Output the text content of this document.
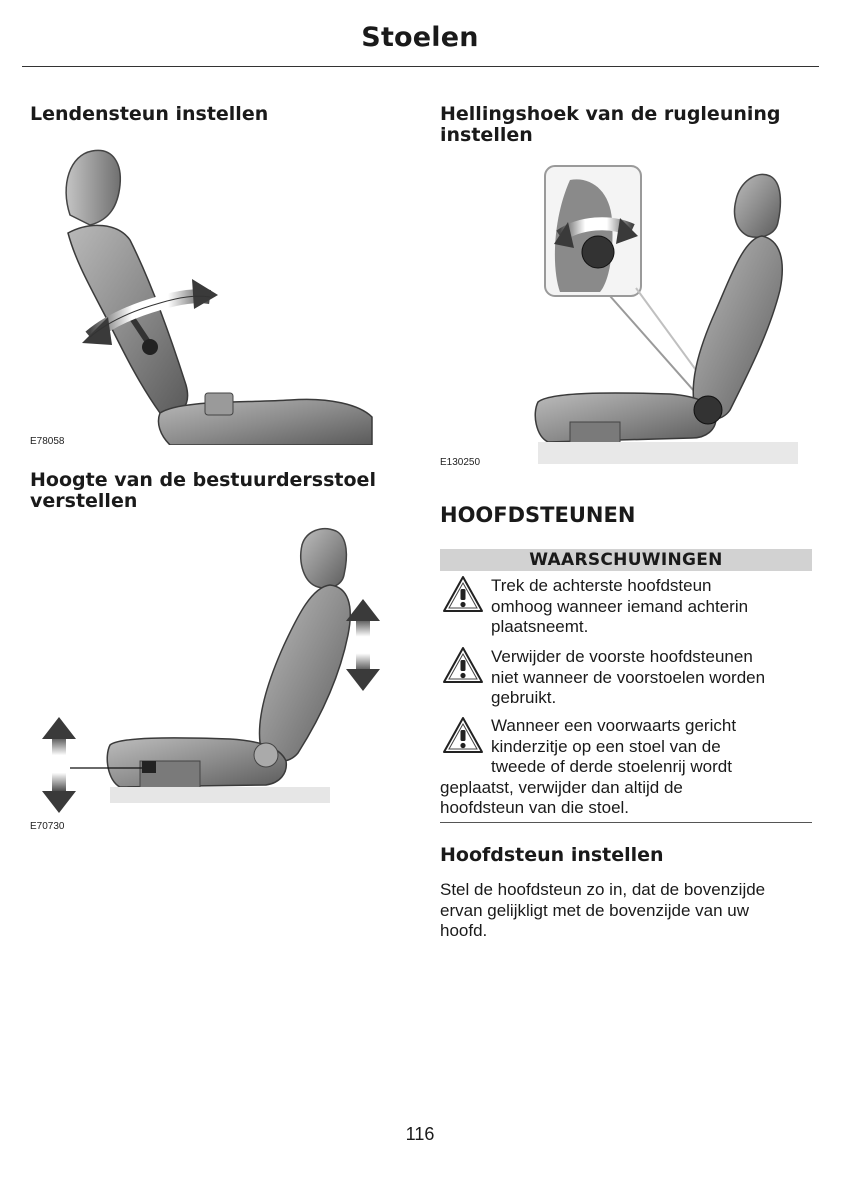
Stoelen
Lendensteun instellen
E78058
Hoogte van de bestuurdersstoel
verstellen
E70730
Hellingshoek van de rugleuning
instellen
E130250
HOOFDSTEUNEN
WAARSCHUWINGEN
Trek de achterste hoofdsteun
omhoog wanneer iemand achterin
plaatsneemt.
Verwijder de voorste hoofdsteunen
niet wanneer de voorstoelen worden
gebruikt.
Wanneer een voorwaarts gericht
kinderzitje op een stoel van de
tweede of derde stoelenrij wordt
geplaatst, verwijder dan altijd de
hoofdsteun van die stoel.
Hoofdsteun instellen
Stel de hoofdsteun zo in, dat de bovenzijde
ervan gelijkligt met de bovenzijde van uw
hoofd.
116
